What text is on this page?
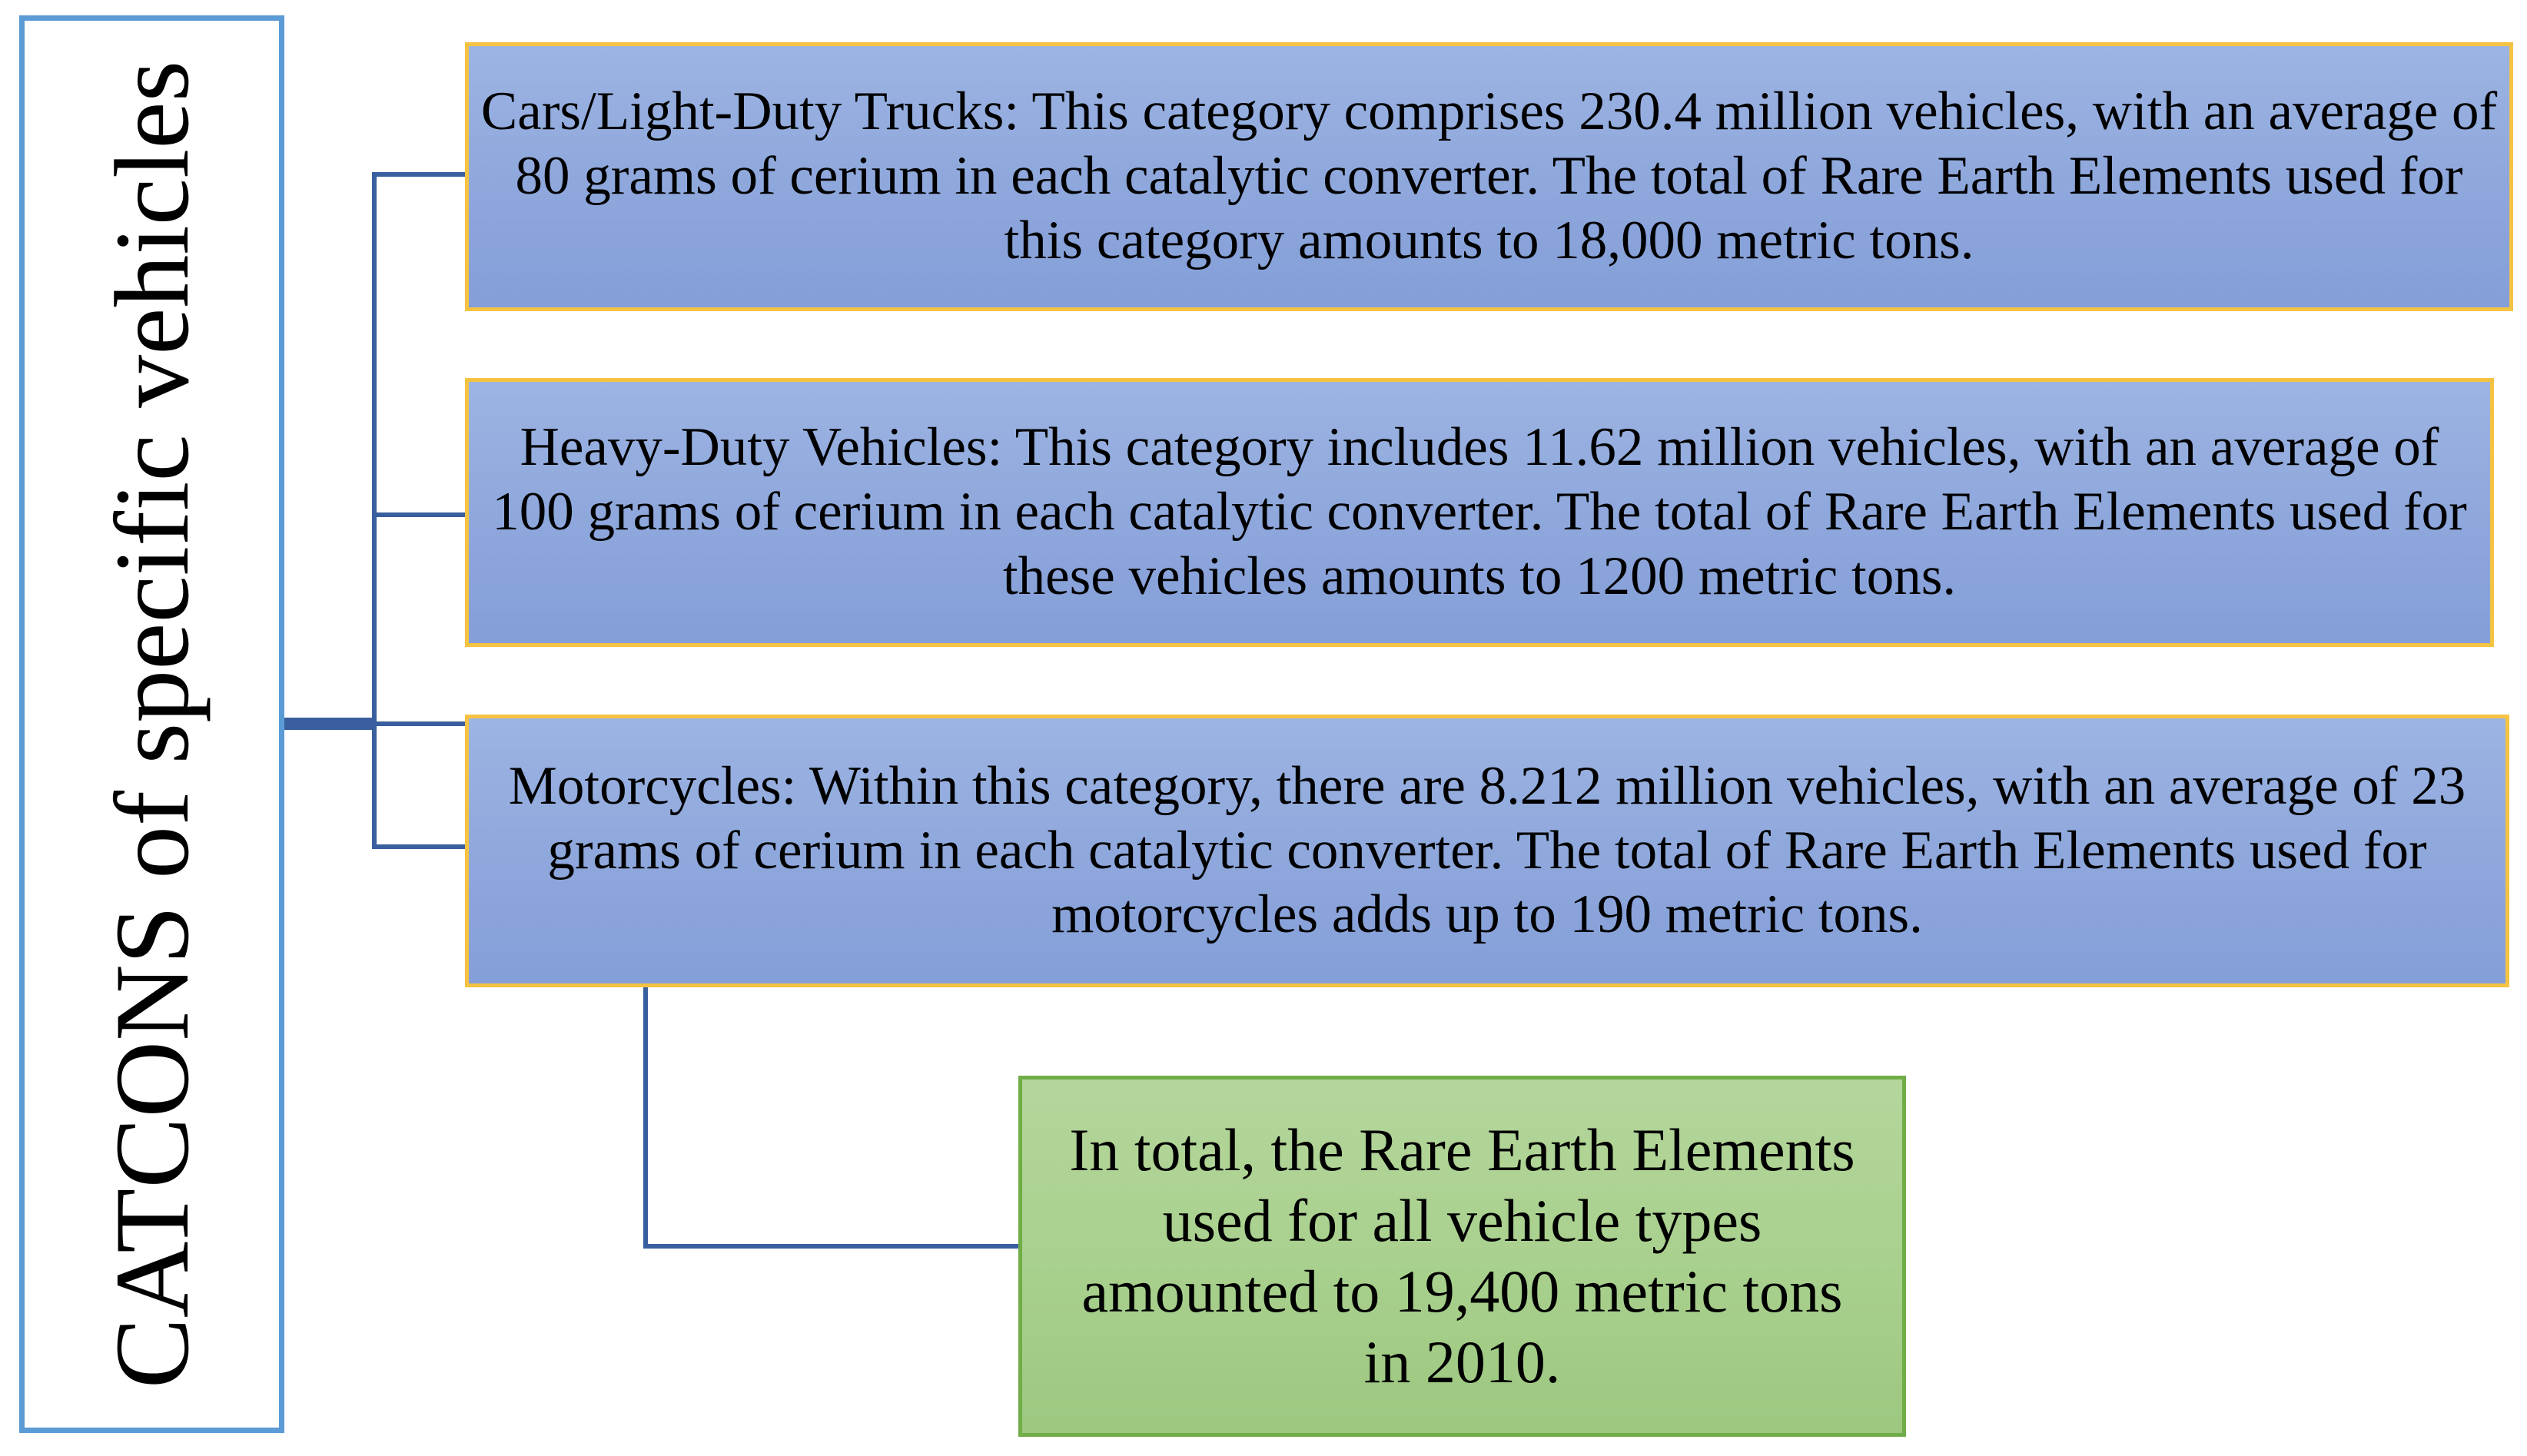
CATCONS of specific vehicles	Cars/Light-Duty Trucks: This category comprises 230.4 million vehicles, with an average of 80 grams of cerium in each catalytic converter. The total of Rare Earth Elements used for this category amounts to 18,000 metric tons.
Heavy-Duty Vehicles: This category includes 11.62 million vehicles, with an average of 100 grams of cerium in each catalytic converter. The total of Rare Earth Elements used for these vehicles amounts to 1200 metric tons.
Motorcycles: Within this category, there are 8.212 million vehicles, with an average of 23 grams of cerium in each catalytic converter. The total of Rare Earth Elements used for motorcycles adds up to 190 metric tons.
In total, the Rare Earth Elements used for all vehicle types amounted to 19,400 metric tons in 2010.
